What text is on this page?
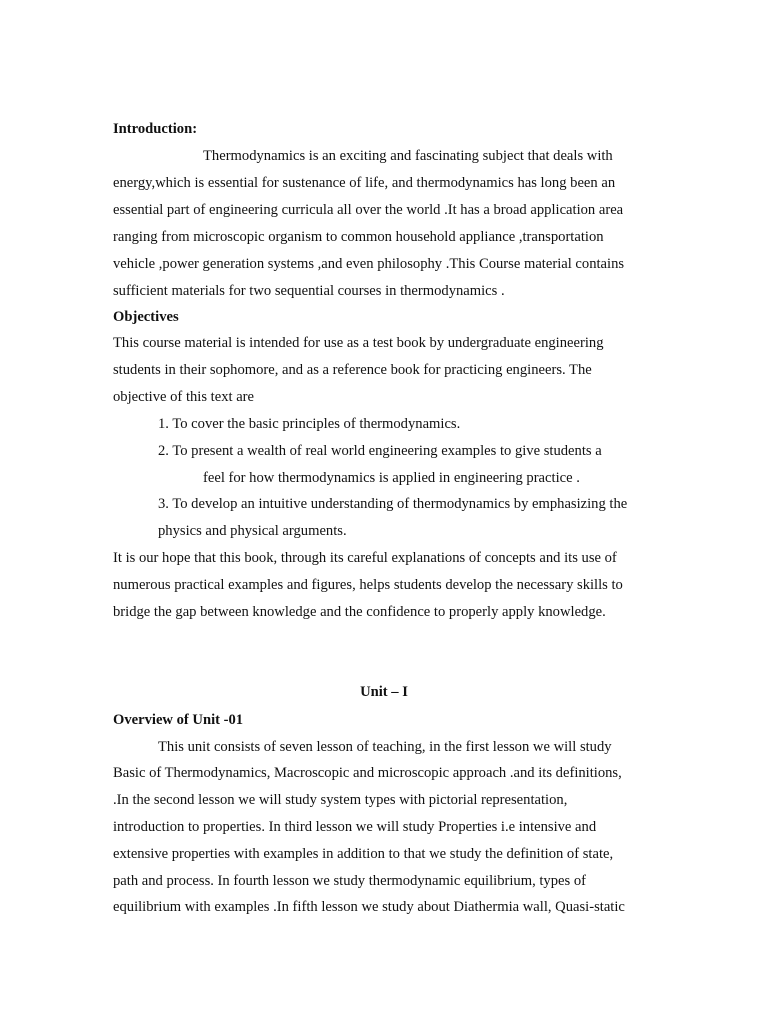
Introduction:

Thermodynamics is an exciting and fascinating subject that deals with

energy,which is essential for sustenance of life, and thermodynamics has long been an

essential part of engineering curricula all over the world .It has a broad application area

ranging from microscopic organism to common household appliance ,transportation

vehicle ,power generation systems ,and even philosophy .This Course material contains

sufficient materials for two sequential courses in thermodynamics .

Objectives

This course material is intended for use as a test book by undergraduate engineering

students in their sophomore, and as a reference book for practicing engineers. The

objective of this text are

1. To cover the basic principles of thermodynamics.

2. To present a wealth of real world engineering examples to give students a

feel for how thermodynamics is applied in engineering practice .

3. To develop an intuitive understanding of thermodynamics by emphasizing the

physics and physical arguments.

It is our hope that this book, through its careful explanations of concepts and its use of

numerous practical examples and figures, helps students develop the necessary skills to

bridge the gap between knowledge and the confidence to properly apply knowledge.

Unit – I

Overview of Unit -01

This unit consists of seven lesson of teaching, in the first lesson we will study

Basic of Thermodynamics, Macroscopic and microscopic approach .and its definitions,

.In the second lesson we will study system types with pictorial representation,

introduction to properties. In third lesson we will study Properties i.e intensive and

extensive properties with examples in addition to that we study the definition of state,

path and process. In fourth lesson we study thermodynamic equilibrium, types of

equilibrium with examples .In fifth lesson we study about Diathermia wall, Quasi-static
